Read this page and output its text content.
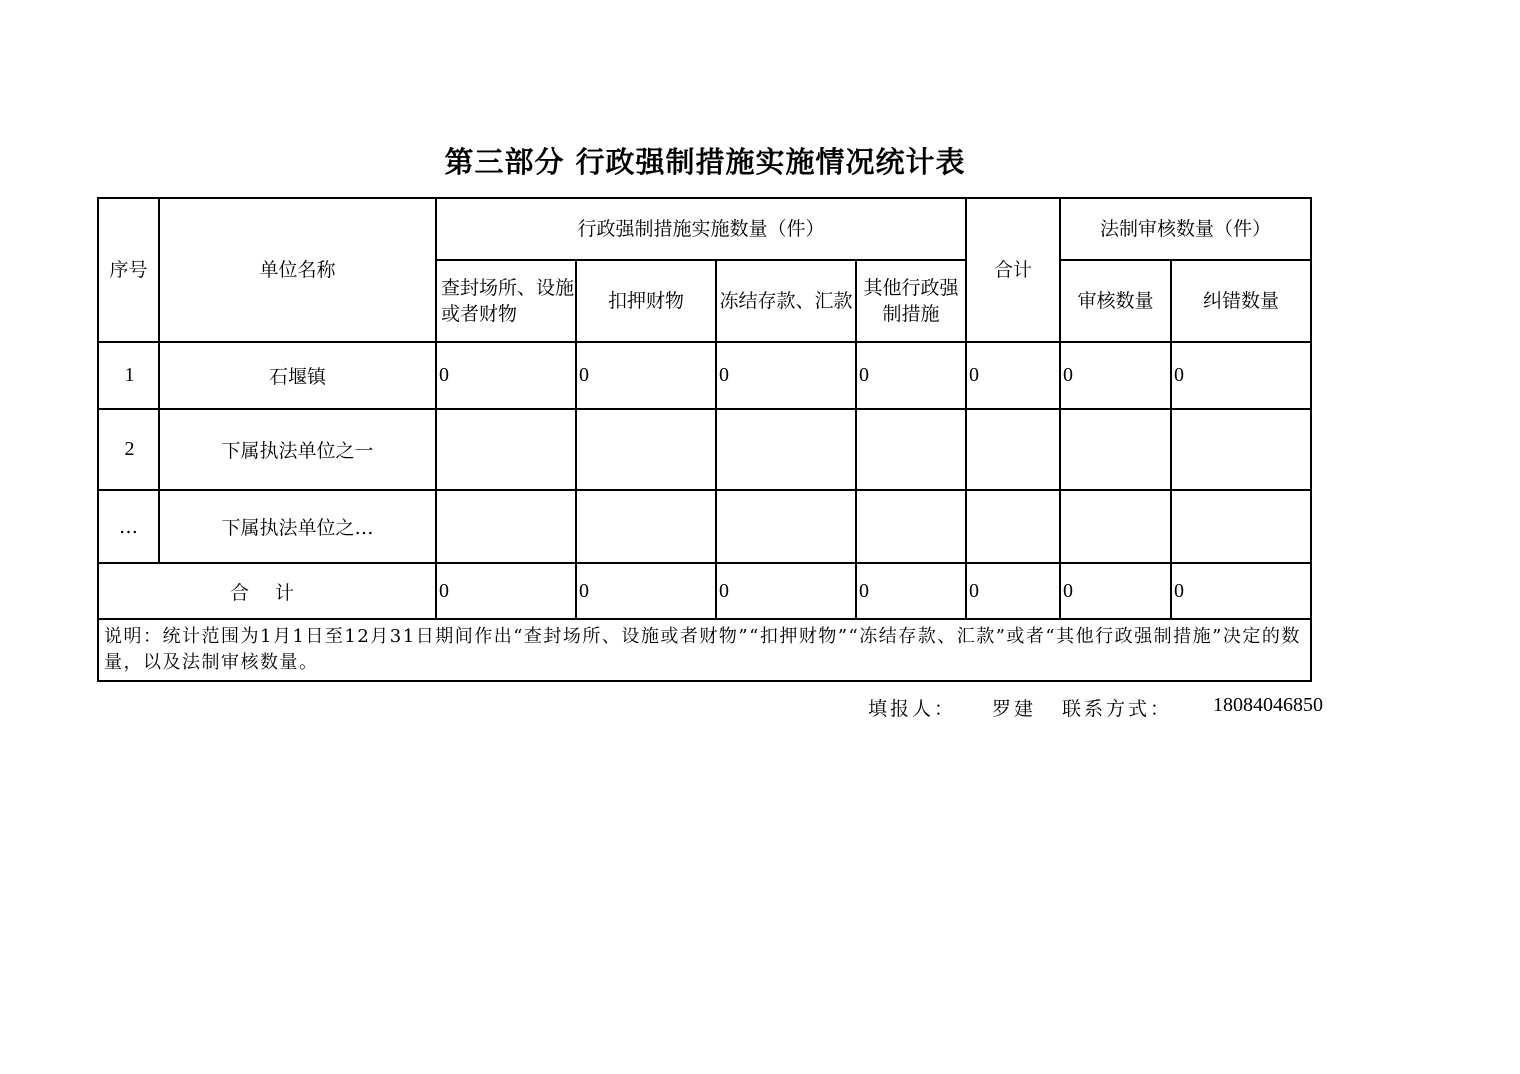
第三部分 行政强制措施实施情况统计表
序号	单位名称	行政强制措施实施数量（件）				合计	法制审核数量（件）	
		查封场所、设施或者财物	扣押财物	冻结存款、汇款	其他行政强制措施		审核数量	纠错数量
1	石堰镇	0	0	0	0	0	0	0
2	下属执法单位之一							
…	下属执法单位之…							
合 计		0	0	0	0	0	0	0
说明：统计范围为1月1日至12月31日期间作出“查封场所、设施或者财物”“扣押财物”“冻结存款、汇款”或者“其他行政强制措施”决定的数量，以及法制审核数量。								
填报人： 罗建 联系方式： 18084046850
